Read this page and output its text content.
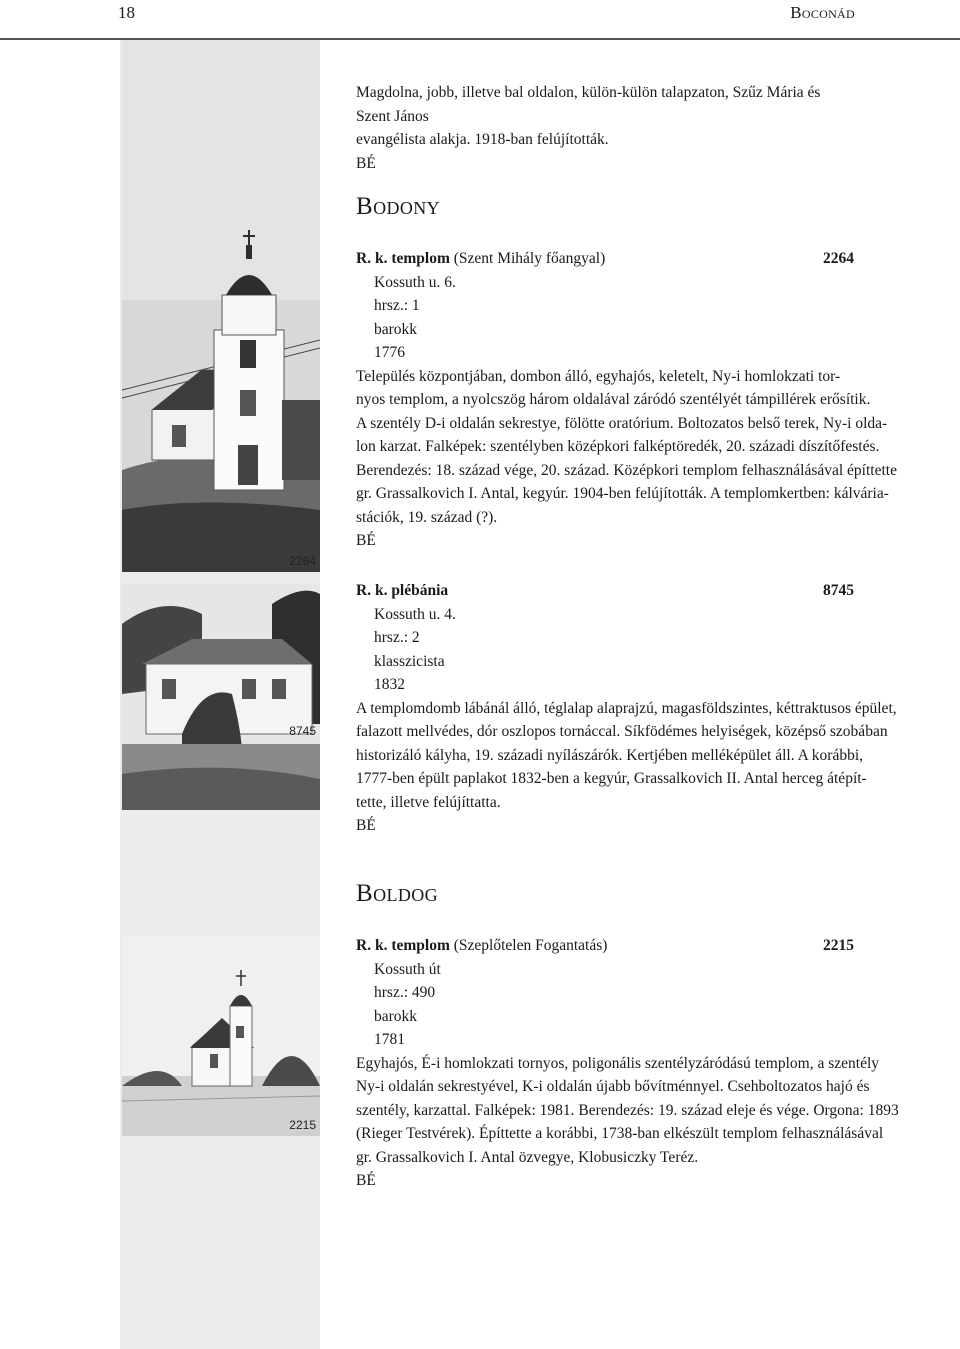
18	Boconád
2264
8745
2215
Magdolna, jobb, illetve bal oldalon, külön-külön talapzaton, Szűz Mária és Szent János
evangélista alakja. 1918-ban felújították.
BÉ
Bodony
R. k. templom (Szent Mihály főangyal)	2264
Kossuth u. 6.
hrsz.: 1
barokk
1776
Település központjában, dombon álló, egyhajós, keletelt, Ny-i homlokzati tor-
nyos templom, a nyolcszög három oldalával záródó szentélyét támpillérek erősítik.
A szentély D-i oldalán sekrestye, fölötte oratórium. Boltozatos belső terek, Ny-i olda-
lon karzat. Falképek: szentélyben középkori falképtöredék, 20. századi díszítőfestés.
Berendezés: 18. század vége, 20. század. Középkori templom felhasználásával építtette
gr. Grassalkovich I. Antal, kegyúr. 1904-ben felújították. A templomkertben: kálvária-
stációk, 19. század (?).
BÉ
R. k. plébánia	8745
Kossuth u. 4.
hrsz.: 2
klasszicista
1832
A templomdomb lábánál álló, téglalap alaprajzú, magasföldszintes, kéttraktusos épület,
falazott mellvédes, dór oszlopos tornáccal. Síkfödémes helyiségek, középső szobában
historizáló kályha, 19. századi nyílászárók. Kertjében melléképület áll. A korábbi,
1777-ben épült paplakot 1832-ben a kegyúr, Grassalkovich II. Antal herceg átépít-
tette, illetve felújíttatta.
BÉ
Boldog
R. k. templom (Szeplőtelen Fogantatás)	2215
Kossuth út
hrsz.: 490
barokk
1781
Egyhajós, É-i homlokzati tornyos, poligonális szentélyzáródású templom, a szentély
Ny-i oldalán sekrestyével, K-i oldalán újabb bővítménnyel. Csehboltozatos hajó és
szentély, karzattal. Falképek: 1981. Berendezés: 19. század eleje és vége. Orgona: 1893
(Rieger Testvérek). Építtette a korábbi, 1738-ban elkészült templom felhasználásával
gr. Grassalkovich I. Antal özvegye, Klobusiczky Teréz.
BÉ
